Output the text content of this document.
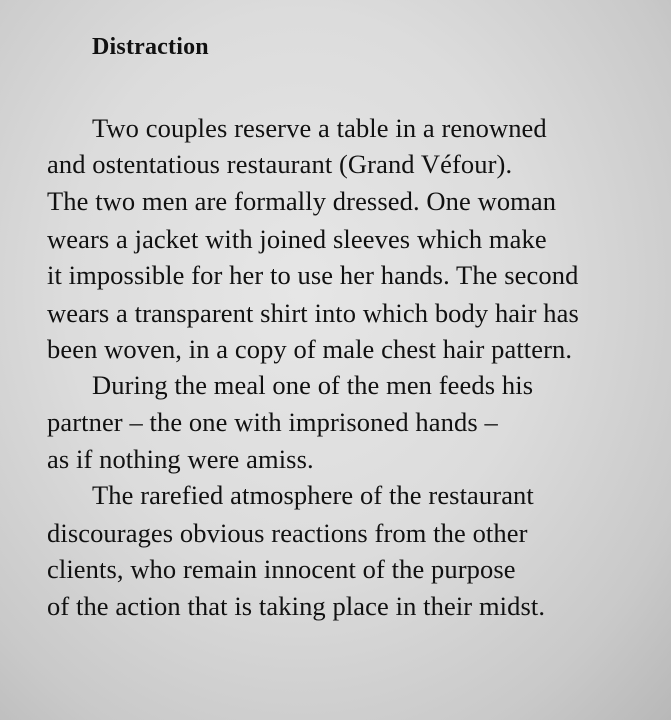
Distraction
Two couples reserve a table in a renowned
and ostentatious restaurant (Grand Véfour).
The two men are formally dressed. One woman
wears a jacket with joined sleeves which make
it impossible for her to use her hands. The second
wears a transparent shirt into which body hair has
been woven, in a copy of male chest hair pattern.
During the meal one of the men feeds his
partner – the one with imprisoned hands –
as if nothing were amiss.
The rarefied atmosphere of the restaurant
discourages obvious reactions from the other
clients, who remain innocent of the purpose
of the action that is taking place in their midst.
